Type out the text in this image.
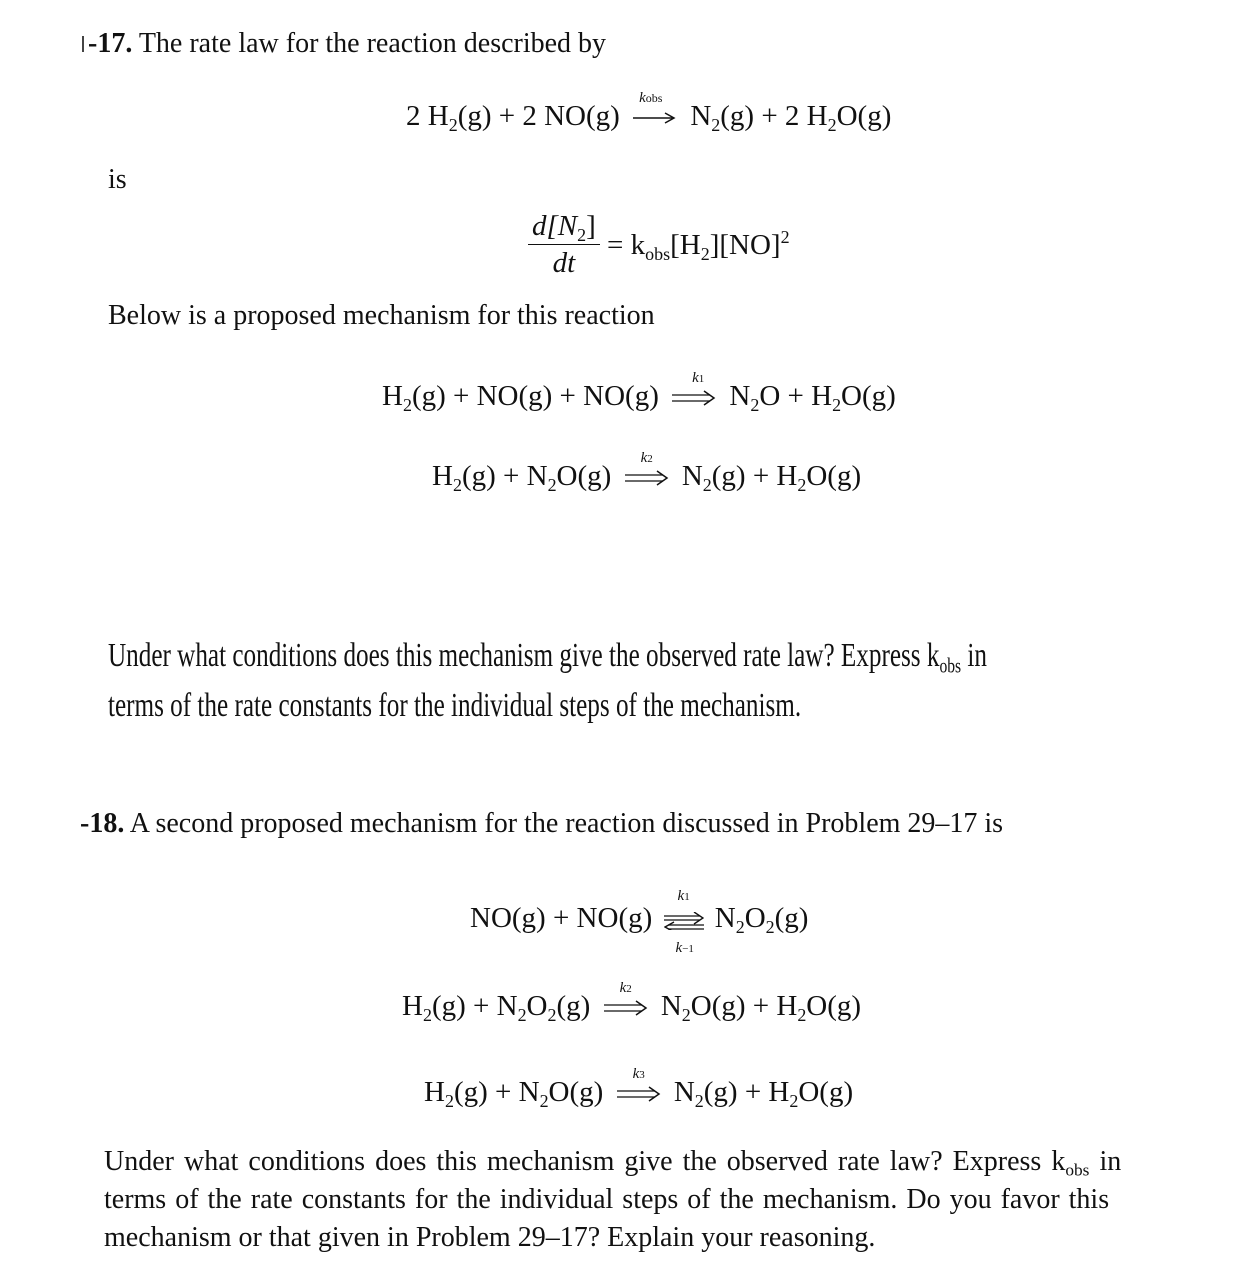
-17. The rate law for the reaction described by
2 $H_2(g) + 2$ NO(g)
kobs
$N_2(g) + 2$ $H_2O(g)$
is
$\frac{d[N_2]}{dt} = k_{obs}[H_2][NO]^2$
Below is a proposed mechanism for this reaction
$H_2(g) + NO(g) + NO(g)$
k1
$N_2O + H_2O(g)$
$H_2(g) + N_2O(g)$
k2
$N_2(g) + H_2O(g)$
Under what conditions does this mechanism give the observed rate law? Express $k_{obs}$ in
terms of the rate constants for the individual steps of the mechanism.
-18. A second proposed mechanism for the reaction discussed in Problem 29–17 is
NO(g) + NO(g)
k1
k−1
$N_2O_2(g)$
$H_2(g) + N_2O_2(g)$
k2
$N_2O(g) + H_2O(g)$
$H_2(g) + N_2O(g)$
k3
$N_2(g) + H_2O(g)$
Under what conditions does this mechanism give the observed rate law? Express $k_{obs}$ in
terms of the rate constants for the individual steps of the mechanism. Do you favor this
mechanism or that given in Problem 29–17? Explain your reasoning.
